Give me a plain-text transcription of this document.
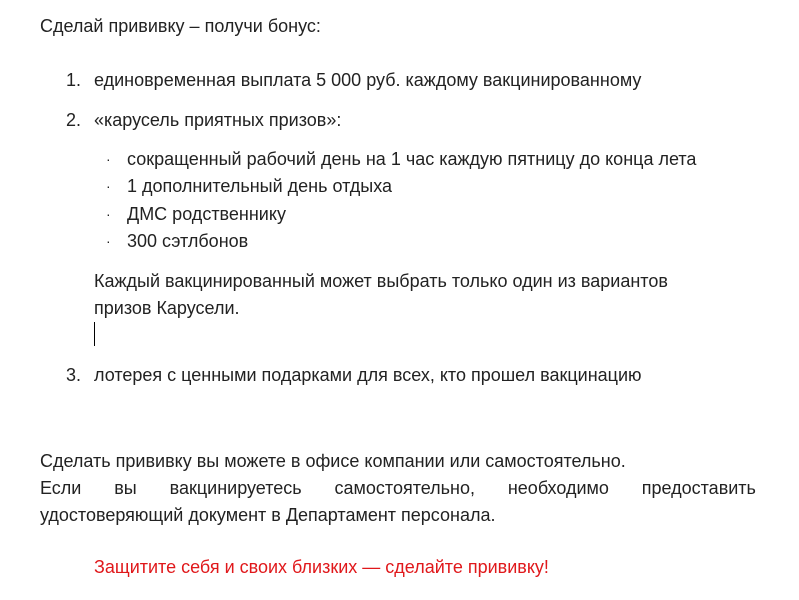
Сделай прививку – получи бонус:
1. единовременная выплата 5 000 руб. каждому вакцинированному
2. «карусель приятных призов»:
· сокращенный рабочий день на 1 час каждую пятницу до конца лета
· 1 дополнительный день отдыха
· ДМС родственнику
· 300 сэтлбонов
Каждый вакцинированный может выбрать только один из вариантов
призов Карусели.
3. лотерея с ценными подарками для всех, кто прошел вакцинацию
Сделать прививку вы можете в офисе компании или самостоятельно.
Если вы вакцинируетесь самостоятельно, необходимо предоставить
удостоверяющий документ в Департамент персонала.
Защитите себя и своих близких — сделайте прививку!
